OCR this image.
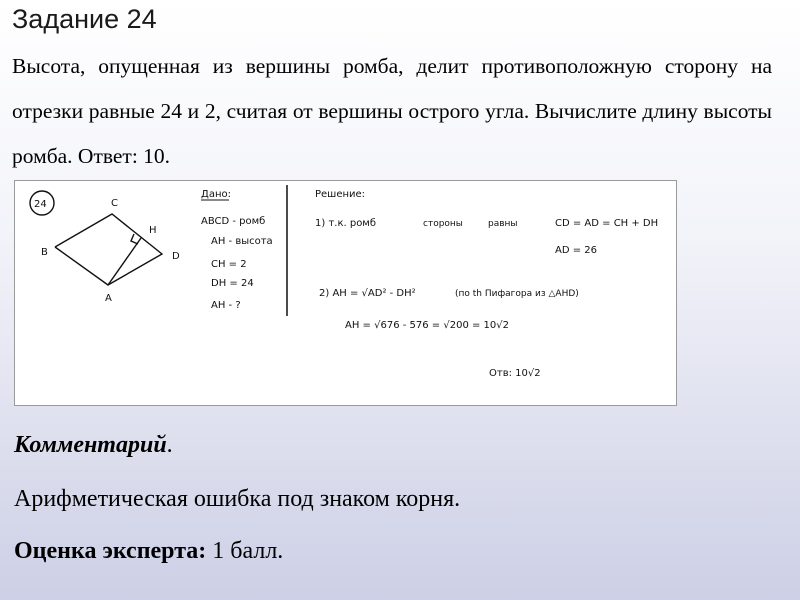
Задание 24
Высота, опущенная из вершины ромба, делит противоположную сторону на отрезки равные 24 и 2, считая от вершины острого угла. Вычислите длину высоты ромба. Ответ: 10.
24	C
H
B	D
A
Дано:
ABCD - ромб
AH - высота
CH = 2
DH = 24
AH - ?
Решение:
1) т.к. ромб	стороны	равны	CD = AD = CH + DH
AD = 26
2) AH = √AD² - DH²	(по th Пифагора из △AHD)
AH = √676 - 576 = √200 = 10√2
Отв: 10√2
Комментарий.
Арифметическая ошибка под знаком корня.
Оценка эксперта: 1 балл.
